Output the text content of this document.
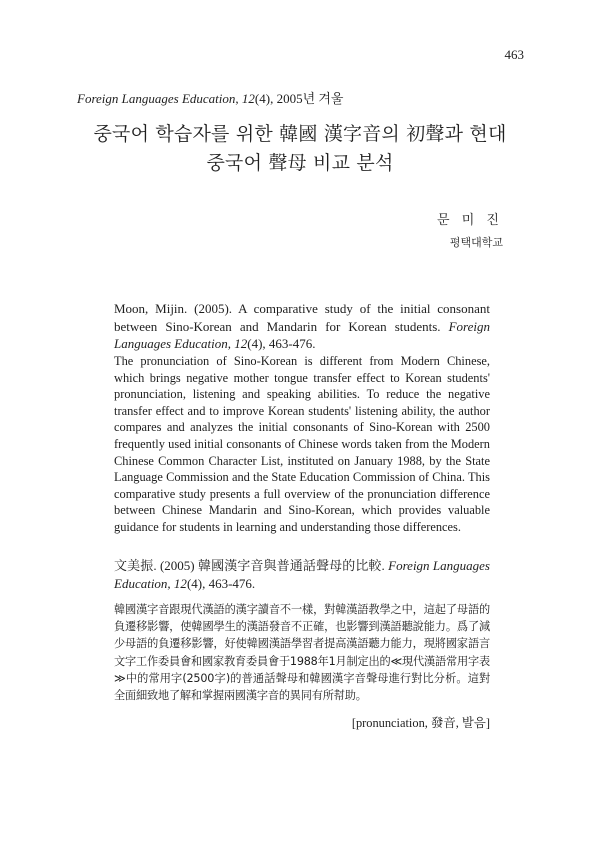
463
Foreign Languages Education, 12(4), 2005년 겨울
중국어 학습자를 위한 韓國 漢字音의 初聲과 현대
중국어 聲母 비교 분석
문 미 진
평택대학교

Moon, Mijin. (2005). A comparative study of the initial consonant between Sino-Korean and Mandarin for Korean students. Foreign Languages Education, 12(4), 463-476.

The pronunciation of Sino-Korean is different from Modern Chinese, which brings negative mother tongue transfer effect to Korean students' pronunciation, listening and speaking abilities. To reduce the negative transfer effect and to improve Korean students' listening ability, the author compares and analyzes the initial consonants of Sino-Korean with 2500 frequently used initial consonants of Chinese words taken from the Modern Chinese Common Character List, instituted on January 1988, by the State Language Commission and the State Education Commission of China. This comparative study presents a full overview of the pronunciation difference between Chinese Mandarin and Sino-Korean, which provides valuable guidance for students in learning and understanding those differences.

文美振. (2005) 韓國漢字音與普通話聲母的比較. Foreign Languages Education, 12(4), 463-476.

韓國漢字音跟現代漢語的漢字讀音不一樣，對韓漢語教學之中，這起了母語的負遷移影響，使韓國學生的漢語發音不正確，也影響到漢語聽說能力。爲了減少母語的負遷移影響，好使韓國漢語學習者提高漢語聽力能力，現將國家語言文字工作委員會和國家教育委員會于1988年1月制定出的≪現代漢語常用字表≫中的常用字(2500字)的普通話聲母和韓國漢字音聲母進行對比分析。這對全面細致地了解和掌握兩國漢字音的異同有所幇助。

[pronunciation, 發音, 발음]
